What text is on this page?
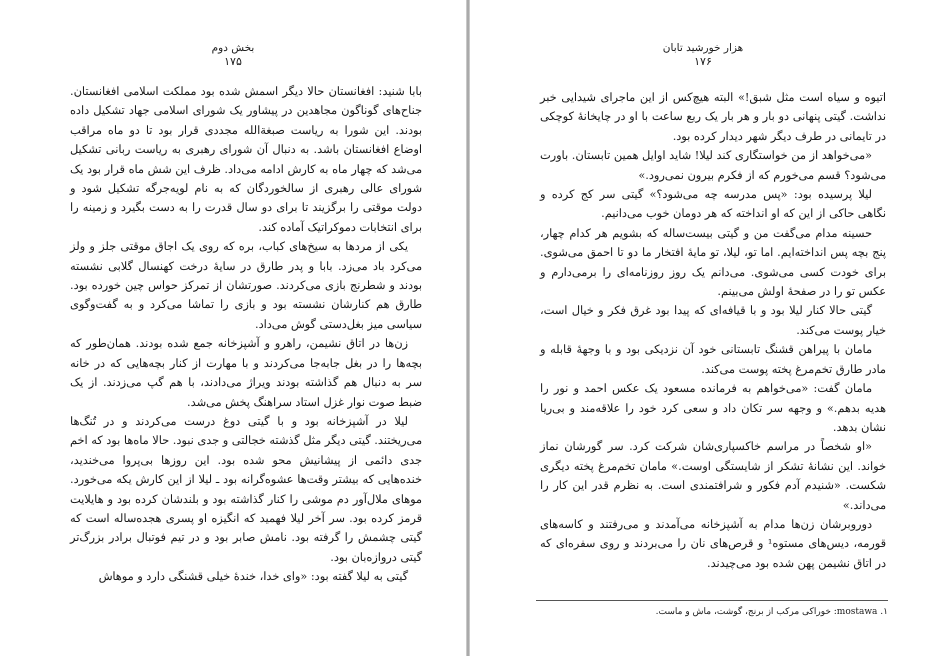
بخش دوم
۱۷۵

بابا شنید: افغانستان حالا دیگر اسمش شده بود مملکت اسلامی افغانستان. جناح‌های گوناگون مجاهدین در پیشاور یک شورای اسلامی جهاد تشکیل داده بودند. این شورا به ریاست صبغةالله مجددی قرار بود تا دو ماه مراقب اوضاع افغانستان باشد. به دنبال آن شورای رهبری به ریاست ربانی تشکیل می‌شد که چهار ماه به کارش ادامه می‌داد. ظرف این شش ماه قرار بود یک شورای عالی رهبری از سالخوردگان که به نام لویه‌جرگه تشکیل شود و دولت موقتی را برگزیند تا برای دو سال قدرت را به دست بگیرد و زمینه را برای انتخابات دموکراتیک آماده کند.

یکی از مردها به سیخ‌های کباب، بره که روی یک اجاق موقتی جلز و ولز می‌کرد باد می‌زد. بابا و پدر طارق در سایهٔ درخت کهنسال گلابی نشسته بودند و شطرنج بازی می‌کردند. صورتشان از تمرکز حواس چین خورده بود. طارق هم کنارشان نشسته بود و بازی را تماشا می‌کرد و به گفت‌وگوی سیاسی میز بغل‌دستی گوش می‌داد.

زن‌ها در اتاق نشیمن، راهرو و آشپزخانه جمع شده بودند. همان‌طور که بچه‌ها را در بغل جابه‌جا می‌کردند و با مهارت از کنار بچه‌هایی که در خانه سر به دنبال هم گذاشته بودند ویراژ می‌دادند، با هم گپ می‌زدند. از یک ضبط صوت نوار غزل استاد سراهنگ پخش می‌شد.

لیلا در آشپزخانه بود و با گیتی دوغ درست می‌کردند و در تُنگ‌ها می‌ریختند. گیتی دیگر مثل گذشته خجالتی و جدی نبود. حالا ماه‌ها بود که اخم جدی دائمی از پیشانیش محو شده بود. این روزها بی‌پروا می‌خندید، خنده‌هایی که بیشتر وقت‌ها عشوه‌گرانه بود ـ لیلا از این کارش یکه می‌خورد. موهای ملال‌آور دم موشی را کنار گذاشته بود و بلندشان کرده بود و هایلایت قرمز کرده بود. سر آخر لیلا فهمید که انگیزه او پسری هجده‌ساله است که گیتی چشمش را گرفته بود. نامش صابر بود و در تیم فوتبال برادر بزرگ‌تر گیتی دروازه‌بان بود.

گیتی به لیلا گفته بود: «وای خدا، خندهٔ خیلی قشنگی دارد و موهاش

هزار خورشید تابان
۱۷۶

اتیوه و سیاه است مثل شبق!» البته هیچ‌کس از این ماجرای شیدایی خبر نداشت. گیتی پنهانی دو بار و هر بار یک ربع ساعت با او در چایخانهٔ کوچکی در تایمانی در طرف دیگر شهر دیدار کرده بود.

«می‌خواهد از من خواستگاری کند لیلا! شاید اوایل همین تابستان. باورت می‌شود؟ قسم می‌خورم که از فکرم بیرون نمی‌رود.»

لیلا پرسیده بود: «پس مدرسه چه می‌شود؟» گیتی سر کج کرده و نگاهی حاکی از این که او انداخته که هر دومان خوب می‌دانیم.

حسینه مدام می‌گفت من و گیتی بیست‌ساله که بشویم هر کدام چهار، پنج بچه پس انداخته‌ایم. اما تو، لیلا، تو مایهٔ افتخار ما دو تا احمق می‌شوی. برای خودت کسی می‌شوی. می‌دانم یک روز روزنامه‌ای را برمی‌دارم و عکس تو را در صفحهٔ اولش می‌بینم.

گیتی حالا کنار لیلا بود و با قیافه‌ای که پیدا بود غرق فکر و خیال است، خیار پوست می‌کند.

مامان با پیراهن قشنگ تابستانی خود آن نزدیکی بود و با وجههٔ قابله و مادر طارق تخم‌مرغ پخته پوست می‌کند.

مامان گفت: «می‌خواهم به فرمانده مسعود یک عکس احمد و نور را هدیه بدهم.» و وجهه سر تکان داد و سعی کرد خود را علاقه‌مند و بی‌ریا نشان بدهد.

«او شخصاً در مراسم خاکسپاری‌شان شرکت کرد. سر گورشان نماز خواند. این نشانهٔ تشکر از شایستگی اوست.» مامان تخم‌مرغ پخته دیگری شکست. «شنیدم آدم فکور و شرافتمندی است. به نظرم قدر این کار را می‌داند.»

دوروبرشان زن‌ها مدام به آشپزخانه می‌آمدند و می‌رفتند و کاسه‌های قورمه، دیس‌های مستوه¹ و قرص‌های نان را می‌بردند و روی سفره‌ای که در اتاق نشیمن پهن شده بود می‌چیدند.

۱. mostawa: خوراکی مرکب از برنج، گوشت، ماش و ماست.
